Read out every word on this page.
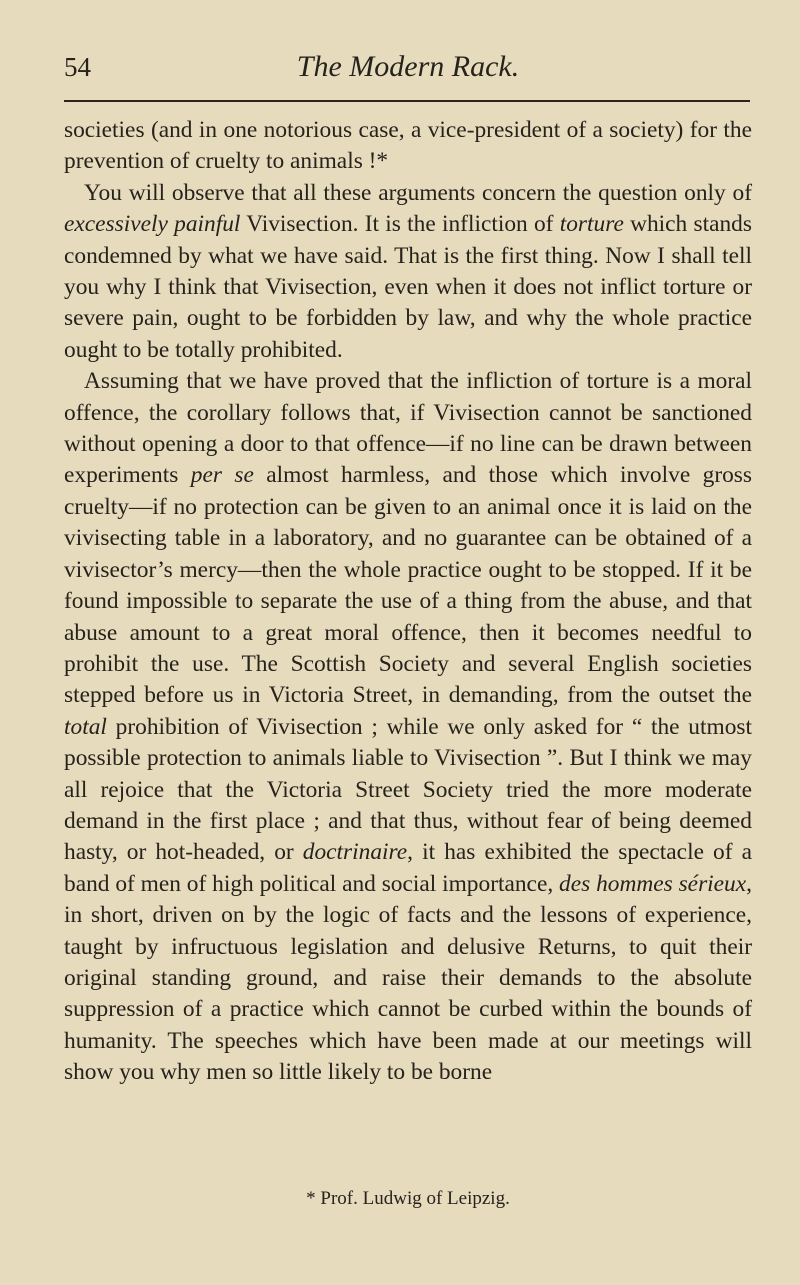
54	The Modern Rack.

societies (and in one notorious case, a vice-president of a society) for the prevention of cruelty to animals !*

You will observe that all these arguments concern the question only of excessively painful Vivisection. It is the infliction of torture which stands condemned by what we have said. That is the first thing. Now I shall tell you why I think that Vivisection, even when it does not inflict torture or severe pain, ought to be forbidden by law, and why the whole practice ought to be totally prohibited.

Assuming that we have proved that the infliction of torture is a moral offence, the corollary follows that, if Vivisection cannot be sanctioned without opening a door to that offence—if no line can be drawn between experiments per se almost harmless, and those which involve gross cruelty—if no protection can be given to an animal once it is laid on the vivisecting table in a laboratory, and no guarantee can be obtained of a vivisector’s mercy—then the whole practice ought to be stopped. If it be found impossible to separate the use of a thing from the abuse, and that abuse amount to a great moral offence, then it becomes needful to prohibit the use. The Scottish Society and several English societies stepped before us in Victoria Street, in demanding, from the outset the total prohibition of Vivisection ; while we only asked for “ the utmost possible protection to animals liable to Vivisection ”. But I think we may all rejoice that the Victoria Street Society tried the more moderate demand in the first place ; and that thus, without fear of being deemed hasty, or hot-headed, or doctrinaire, it has exhibited the spectacle of a band of men of high political and social importance, des hommes sérieux, in short, driven on by the logic of facts and the lessons of experience, taught by infructuous legislation and delusive Returns, to quit their original standing ground, and raise their demands to the absolute suppression of a practice which cannot be curbed within the bounds of humanity. The speeches which have been made at our meetings will show you why men so little likely to be borne

* Prof. Ludwig of Leipzig.
